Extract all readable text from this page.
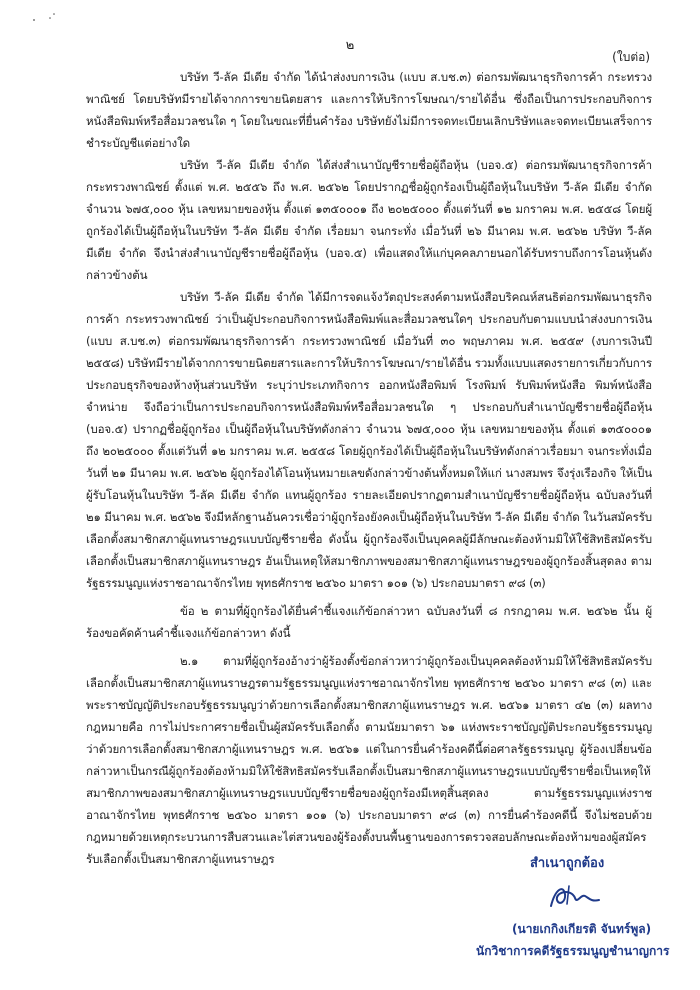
๒
(ใบต่อ)

บริษัท วี-ลัค มีเดีย จำกัด ได้นำส่งงบการเงิน (แบบ ส.บช.๓) ต่อกรมพัฒนาธุรกิจการค้า กระทรวงพาณิชย์ โดยบริษัทมีรายได้จากการขายนิตยสาร และการให้บริการโฆษณา/รายได้อื่น ซึ่งถือเป็นการประกอบกิจการหนังสือพิมพ์หรือสื่อมวลชนใด ๆ โดยในขณะที่ยื่นคำร้อง บริษัทยังไม่มีการจดทะเบียนเลิกบริษัทและจดทะเบียนเสร็จการชำระบัญชีแต่อย่างใด

บริษัท วี-ลัค มีเดีย จำกัด ได้ส่งสำเนาบัญชีรายชื่อผู้ถือหุ้น (บอจ.๕) ต่อกรมพัฒนาธุรกิจการค้า กระทรวงพาณิชย์ ตั้งแต่ พ.ศ. ๒๕๕๖ ถึง พ.ศ. ๒๕๖๒ โดยปรากฏชื่อผู้ถูกร้องเป็นผู้ถือหุ้นในบริษัท วี-ลัค มีเดีย จำกัด จำนวน ๖๗๕,๐๐๐ หุ้น เลขหมายของหุ้น ตั้งแต่ ๑๓๕๐๐๐๑ ถึง ๒๐๒๕๐๐๐ ตั้งแต่วันที่ ๑๒ มกราคม พ.ศ. ๒๕๕๘ โดยผู้ถูกร้องได้เป็นผู้ถือหุ้นในบริษัท วี-ลัค มีเดีย จำกัด เรื่อยมา จนกระทั่ง เมื่อวันที่ ๒๖ มีนาคม พ.ศ. ๒๕๖๒ บริษัท วี-ลัค มีเดีย จำกัด จึงนำส่งสำเนาบัญชีรายชื่อผู้ถือหุ้น (บอจ.๕) เพื่อแสดงให้แก่บุคคลภายนอกได้รับทราบถึงการโอนหุ้นดังกล่าวข้างต้น

บริษัท วี-ลัค มีเดีย จำกัด ได้มีการจดแจ้งวัตถุประสงค์ตามหนังสือบริคณห์สนธิต่อกรมพัฒนาธุรกิจการค้า กระทรวงพาณิชย์ ว่าเป็นผู้ประกอบกิจการหนังสือพิมพ์และสื่อมวลชนใดๆ ประกอบกับตามแบบนำส่งงบการเงิน (แบบ ส.บช.๓) ต่อกรมพัฒนาธุรกิจการค้า กระทรวงพาณิชย์ เมื่อวันที่ ๓๐ พฤษภาคม พ.ศ. ๒๕๕๙ (งบการเงินปี ๒๕๕๘) บริษัทมีรายได้จากการขายนิตยสารและการให้บริการโฆษณา/รายได้อื่น รวมทั้งแบบแสดงรายการเกี่ยวกับการประกอบธุรกิจของห้างหุ้นส่วนบริษัท ระบุว่าประเภทกิจการ ออกหนังสือพิมพ์ โรงพิมพ์ รับพิมพ์หนังสือ พิมพ์หนังสือจำหน่าย จึงถือว่าเป็นการประกอบกิจการหนังสือพิมพ์หรือสื่อมวลชนใด ๆ ประกอบกับสำเนาบัญชีรายชื่อผู้ถือหุ้น (บอจ.๕) ปรากฏชื่อผู้ถูกร้อง เป็นผู้ถือหุ้นในบริษัทดังกล่าว จำนวน ๖๗๕,๐๐๐ หุ้น เลขหมายของหุ้น ตั้งแต่ ๑๓๕๐๐๐๑ ถึง ๒๐๒๕๐๐๐ ตั้งแต่วันที่ ๑๒ มกราคม พ.ศ. ๒๕๕๘ โดยผู้ถูกร้องได้เป็นผู้ถือหุ้นในบริษัทดังกล่าวเรื่อยมา จนกระทั่งเมื่อวันที่ ๒๑ มีนาคม พ.ศ. ๒๕๖๒ ผู้ถูกร้องได้โอนหุ้นหมายเลขดังกล่าวข้างต้นทั้งหมดให้แก่ นางสมพร จึงรุ่งเรืองกิจ ให้เป็นผู้รับโอนหุ้นในบริษัท วี-ลัค มีเดีย จำกัด แทนผู้ถูกร้อง รายละเอียดปรากฏตามสำเนาบัญชีรายชื่อผู้ถือหุ้น ฉบับลงวันที่ ๒๑ มีนาคม พ.ศ. ๒๕๖๒ จึงมีหลักฐานอันควรเชื่อว่าผู้ถูกร้องยังคงเป็นผู้ถือหุ้นในบริษัท วี-ลัค มีเดีย จำกัด ในวันสมัครรับเลือกตั้งสมาชิกสภาผู้แทนราษฎรแบบบัญชีรายชื่อ ดังนั้น ผู้ถูกร้องจึงเป็นบุคคลผู้มีลักษณะต้องห้ามมิให้ใช้สิทธิสมัครรับเลือกตั้งเป็นสมาชิกสภาผู้แทนราษฎร อันเป็นเหตุให้สมาชิกภาพของสมาชิกสภาผู้แทนราษฎรของผู้ถูกร้องสิ้นสุดลง ตามรัฐธรรมนูญแห่งราชอาณาจักรไทย พุทธศักราช ๒๕๖๐ มาตรา ๑๐๑ (๖) ประกอบมาตรา ๙๘ (๓)

ข้อ ๒ ตามที่ผู้ถูกร้องได้ยื่นคำชี้แจงแก้ข้อกล่าวหา ฉบับลงวันที่ ๘ กรกฎาคม พ.ศ. ๒๕๖๒ นั้น ผู้ร้องขอคัดค้านคำชี้แจงแก้ข้อกล่าวหา ดังนี้

๒.๑ ตามที่ผู้ถูกร้องอ้างว่าผู้ร้องตั้งข้อกล่าวหาว่าผู้ถูกร้องเป็นบุคคลต้องห้ามมิให้ใช้สิทธิสมัครรับเลือกตั้งเป็นสมาชิกสภาผู้แทนราษฎรตามรัฐธรรมนูญแห่งราชอาณาจักรไทย พุทธศักราช ๒๕๖๐ มาตรา ๙๘ (๓) และพระราชบัญญัติประกอบรัฐธรรมนูญว่าด้วยการเลือกตั้งสมาชิกสภาผู้แทนราษฎร พ.ศ. ๒๕๖๑ มาตรา ๔๒ (๓) ผลทางกฎหมายคือ การไม่ประกาศรายชื่อเป็นผู้สมัครรับเลือกตั้ง ตามนัยมาตรา ๖๑ แห่งพระราชบัญญัติประกอบรัฐธรรมนูญว่าด้วยการเลือกตั้งสมาชิกสภาผู้แทนราษฎร พ.ศ. ๒๕๖๑ แต่ในการยื่นคำร้องคดีนี้ต่อศาลรัฐธรรมนูญ ผู้ร้องเปลี่ยนข้อกล่าวหาเป็นกรณีผู้ถูกร้องต้องห้ามมิให้ใช้สิทธิสมัครรับเลือกตั้งเป็นสมาชิกสภาผู้แทนราษฎรแบบบัญชีรายชื่อเป็นเหตุให้สมาชิกภาพของสมาชิกสภาผู้แทนราษฎรแบบบัญชีรายชื่อของผู้ถูกร้องมีเหตุสิ้นสุดลง ตามรัฐธรรมนูญแห่งราชอาณาจักรไทย พุทธศักราช ๒๕๖๐ มาตรา ๑๐๑ (๖) ประกอบมาตรา ๙๘ (๓) การยื่นคำร้องคดีนี้ จึงไม่ชอบด้วยกฎหมายด้วยเหตุกระบวนการสืบสวนและไต่สวนของผู้ร้องตั้งบนพื้นฐานของการตรวจสอบลักษณะต้องห้ามของผู้สมัครรับเลือกตั้งเป็นสมาชิกสภาผู้แทนราษฎร	สำเนาถูกต้อง
(นายเกกิงเกียรติ จันทร์พูล)
นักวิชาการคดีรัฐธรรมนูญชำนาญการ
